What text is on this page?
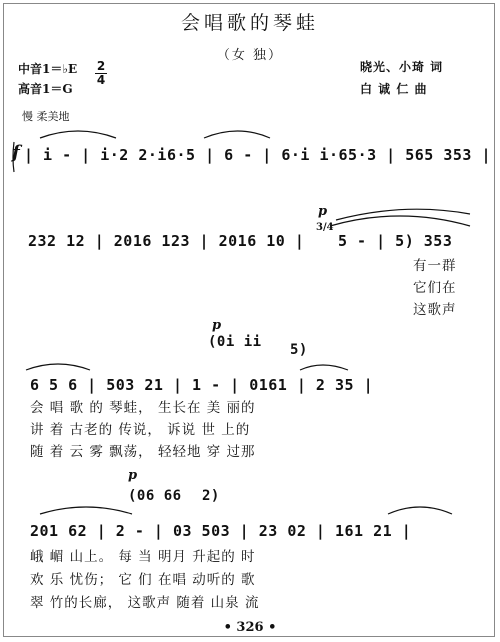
会唱歌的琴蛙
（女 独）
中音1＝♭E
高音1＝G
2
4
晓光、小琦 词
白 诚 仁 曲
慢 柔美地
f | i - | i·2 2·i6·5 | 6 - | 6·i i·65·3 | 565 353 |
p
232 12 | 2016 123 | 2016 10 |
3/4
5 - | 5) 353
有一群
它们在
这歌声
p
(0i ii 5)
6 5 6 | 503 21 | 1 - | 0161 | 2 35 |
会 唱 歌 的 琴蛙， 生长在 美 丽的
讲 着 古老的 传说， 诉说 世 上的
随 着 云 雾 飘荡， 轻轻地 穿 过那
p
(06 66 2)
201 62 | 2 - | 03 503 | 23 02 | 161 21 |
峨 嵋 山上。 每 当 明月 升起的 时
欢 乐 忧伤； 它 们 在唱 动听的 歌
翠 竹的长廊， 这歌声 随着 山泉 流
• 326 •
